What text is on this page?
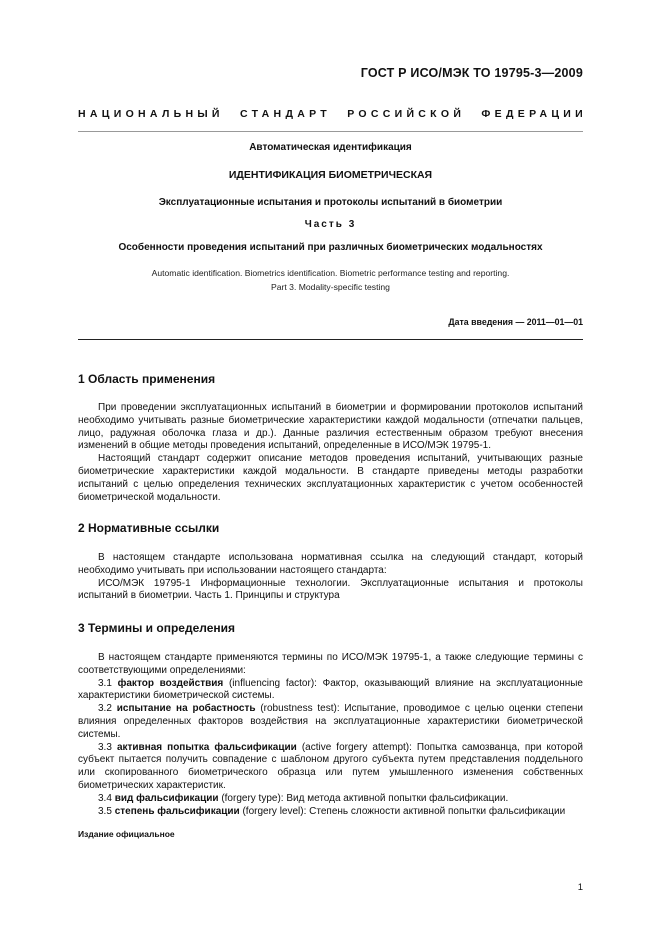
ГОСТ Р ИСО/МЭК ТО 19795-3—2009
НАЦИОНАЛЬНЫЙ СТАНДАРТ РОССИЙСКОЙ ФЕДЕРАЦИИ
Автоматическая идентификация
ИДЕНТИФИКАЦИЯ БИОМЕТРИЧЕСКАЯ
Эксплуатационные испытания и протоколы испытаний в биометрии
Часть 3
Особенности проведения испытаний при различных биометрических модальностях
Automatic identification. Biometrics identification. Biometric performance testing and reporting.
Part 3. Modality-specific testing
Дата введения — 2011—01—01
1 Область применения

При проведении эксплуатационных испытаний в биометрии и формировании протоколов испытаний необходимо учитывать разные биометрические характеристики каждой модальности (отпечатки пальцев, лицо, радужная оболочка глаза и др.). Данные различия естественным образом требуют внесения изменений в общие методы проведения испытаний, определенные в ИСО/МЭК 19795-1.

Настоящий стандарт содержит описание методов проведения испытаний, учитывающих разные биометрические характеристики каждой модальности. В стандарте приведены методы разработки испытаний с целью определения технических эксплуатационных характеристик с учетом особенностей биометрической модальности.

2 Нормативные ссылки

В настоящем стандарте использована нормативная ссылка на следующий стандарт, который необходимо учитывать при использовании настоящего стандарта:

ИСО/МЭК 19795-1 Информационные технологии. Эксплуатационные испытания и протоколы испытаний в биометрии. Часть 1. Принципы и структура

3 Термины и определения

В настоящем стандарте применяются термины по ИСО/МЭК 19795-1, а также следующие термины с соответствующими определениями:

3.1 фактор воздействия (influencing factor): Фактор, оказывающий влияние на эксплуатационные характеристики биометрической системы.

3.2 испытание на робастность (robustness test): Испытание, проводимое с целью оценки степени влияния определенных факторов воздействия на эксплуатационные характеристики биометрической системы.

3.3 активная попытка фальсификации (active forgery attempt): Попытка самозванца, при которой субъект пытается получить совпадение с шаблоном другого субъекта путем представления поддельного или скопированного биометрического образца или путем умышленного изменения собственных биометрических характеристик.

3.4 вид фальсификации (forgery type): Вид метода активной попытки фальсификации.

3.5 степень фальсификации (forgery level): Степень сложности активной попытки фальсификации

Издание официальное
1
